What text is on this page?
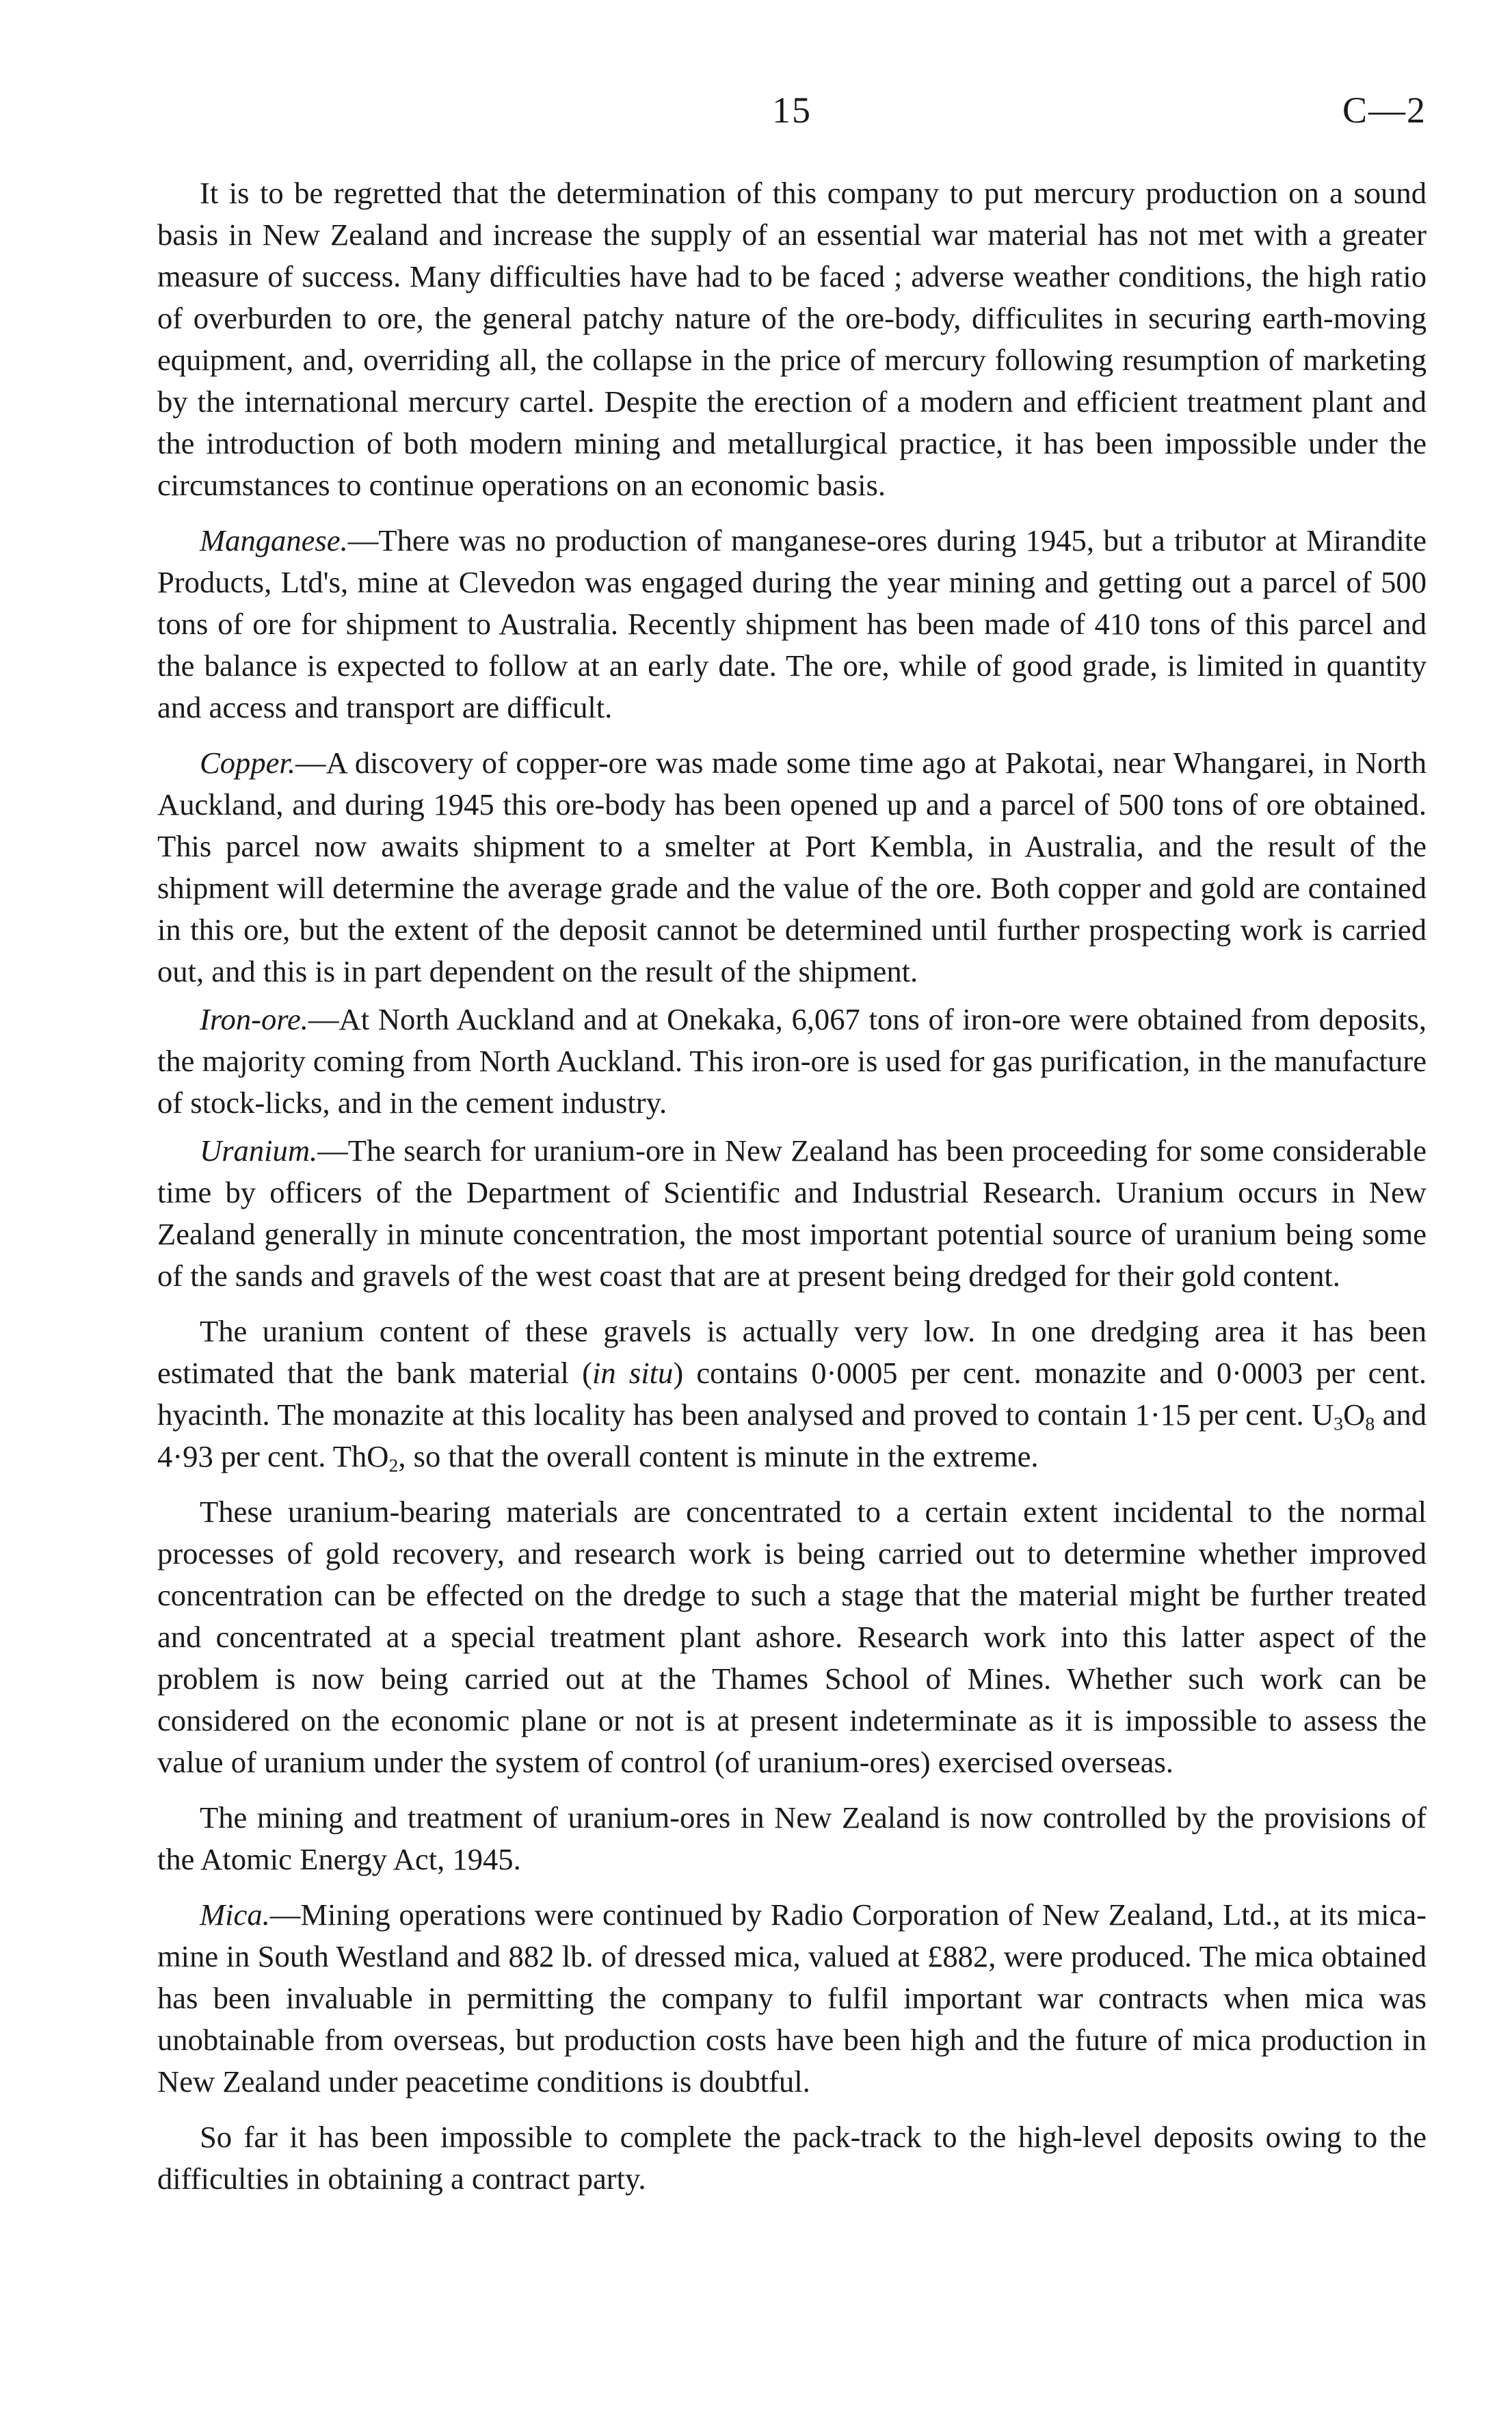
15	C—2

It is to be regretted that the determination of this company to put mercury production on a sound basis in New Zealand and increase the supply of an essential war material has not met with a greater measure of success. Many difficulties have had to be faced ; adverse weather conditions, the high ratio of overburden to ore, the general patchy nature of the ore-body, difficulites in securing earth-moving equipment, and, overriding all, the collapse in the price of mercury following resumption of marketing by the international mercury cartel. Despite the erection of a modern and efficient treatment plant and the introduction of both modern mining and metallurgical practice, it has been impossible under the circumstances to continue operations on an economic basis.

Manganese.—There was no production of manganese-ores during 1945, but a tributor at Mirandite Products, Ltd's, mine at Clevedon was engaged during the year mining and getting out a parcel of 500 tons of ore for shipment to Australia. Recently shipment has been made of 410 tons of this parcel and the balance is expected to follow at an early date. The ore, while of good grade, is limited in quantity and access and transport are difficult.

Copper.—A discovery of copper-ore was made some time ago at Pakotai, near Whangarei, in North Auckland, and during 1945 this ore-body has been opened up and a parcel of 500 tons of ore obtained. This parcel now awaits shipment to a smelter at Port Kembla, in Australia, and the result of the shipment will determine the average grade and the value of the ore. Both copper and gold are contained in this ore, but the extent of the deposit cannot be determined until further prospecting work is carried out, and this is in part dependent on the result of the shipment.

Iron-ore.—At North Auckland and at Onekaka, 6,067 tons of iron-ore were obtained from deposits, the majority coming from North Auckland. This iron-ore is used for gas purification, in the manufacture of stock-licks, and in the cement industry.

Uranium.—The search for uranium-ore in New Zealand has been proceeding for some considerable time by officers of the Department of Scientific and Industrial Research. Uranium occurs in New Zealand generally in minute concentration, the most important potential source of uranium being some of the sands and gravels of the west coast that are at present being dredged for their gold content.

The uranium content of these gravels is actually very low. In one dredging area it has been estimated that the bank material (in situ) contains 0·0005 per cent. monazite and 0·0003 per cent. hyacinth. The monazite at this locality has been analysed and proved to contain 1·15 per cent. $U_3O_8$ and 4·93 per cent. ThO$_2$, so that the overall content is minute in the extreme.

These uranium-bearing materials are concentrated to a certain extent incidental to the normal processes of gold recovery, and research work is being carried out to determine whether improved concentration can be effected on the dredge to such a stage that the material might be further treated and concentrated at a special treatment plant ashore. Research work into this latter aspect of the problem is now being carried out at the Thames School of Mines. Whether such work can be considered on the economic plane or not is at present indeterminate as it is impossible to assess the value of uranium under the system of control (of uranium-ores) exercised overseas.

The mining and treatment of uranium-ores in New Zealand is now controlled by the provisions of the Atomic Energy Act, 1945.

Mica.—Mining operations were continued by Radio Corporation of New Zealand, Ltd., at its mica-mine in South Westland and 882 lb. of dressed mica, valued at £882, were produced. The mica obtained has been invaluable in permitting the company to fulfil important war contracts when mica was unobtainable from overseas, but production costs have been high and the future of mica production in New Zealand under peacetime conditions is doubtful.

So far it has been impossible to complete the pack-track to the high-level deposits owing to the difficulties in obtaining a contract party.
